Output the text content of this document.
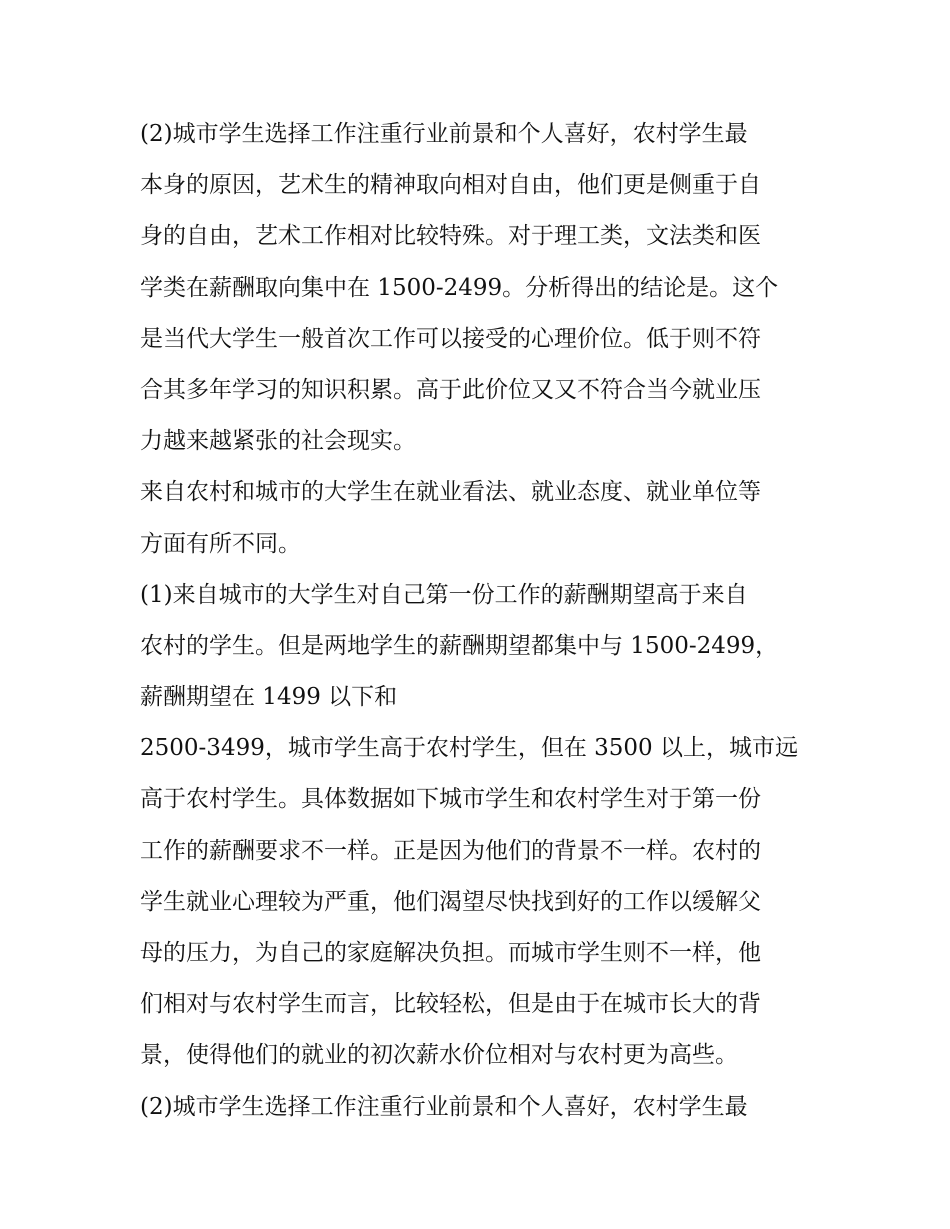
(2)城市学生选择工作注重行业前景和个人喜好，农村学生最
本身的原因，艺术生的精神取向相对自由，他们更是侧重于自
身的自由，艺术工作相对比较特殊。对于理工类，文法类和医
学类在薪酬取向集中在 1500-2499。分析得出的结论是。这个
是当代大学生一般首次工作可以接受的心理价位。低于则不符
合其多年学习的知识积累。高于此价位又又不符合当今就业压
力越来越紧张的社会现实。
来自农村和城市的大学生在就业看法、就业态度、就业单位等
方面有所不同。
(1)来自城市的大学生对自己第一份工作的薪酬期望高于来自
农村的学生。但是两地学生的薪酬期望都集中与 1500-2499，
薪酬期望在 1499 以下和
2500-3499，城市学生高于农村学生，但在 3500 以上，城市远
高于农村学生。具体数据如下城市学生和农村学生对于第一份
工作的薪酬要求不一样。正是因为他们的背景不一样。农村的
学生就业心理较为严重，他们渴望尽快找到好的工作以缓解父
母的压力，为自己的家庭解决负担。而城市学生则不一样，他
们相对与农村学生而言，比较轻松，但是由于在城市长大的背
景，使得他们的就业的初次薪水价位相对与农村更为高些。
(2)城市学生选择工作注重行业前景和个人喜好，农村学生最
